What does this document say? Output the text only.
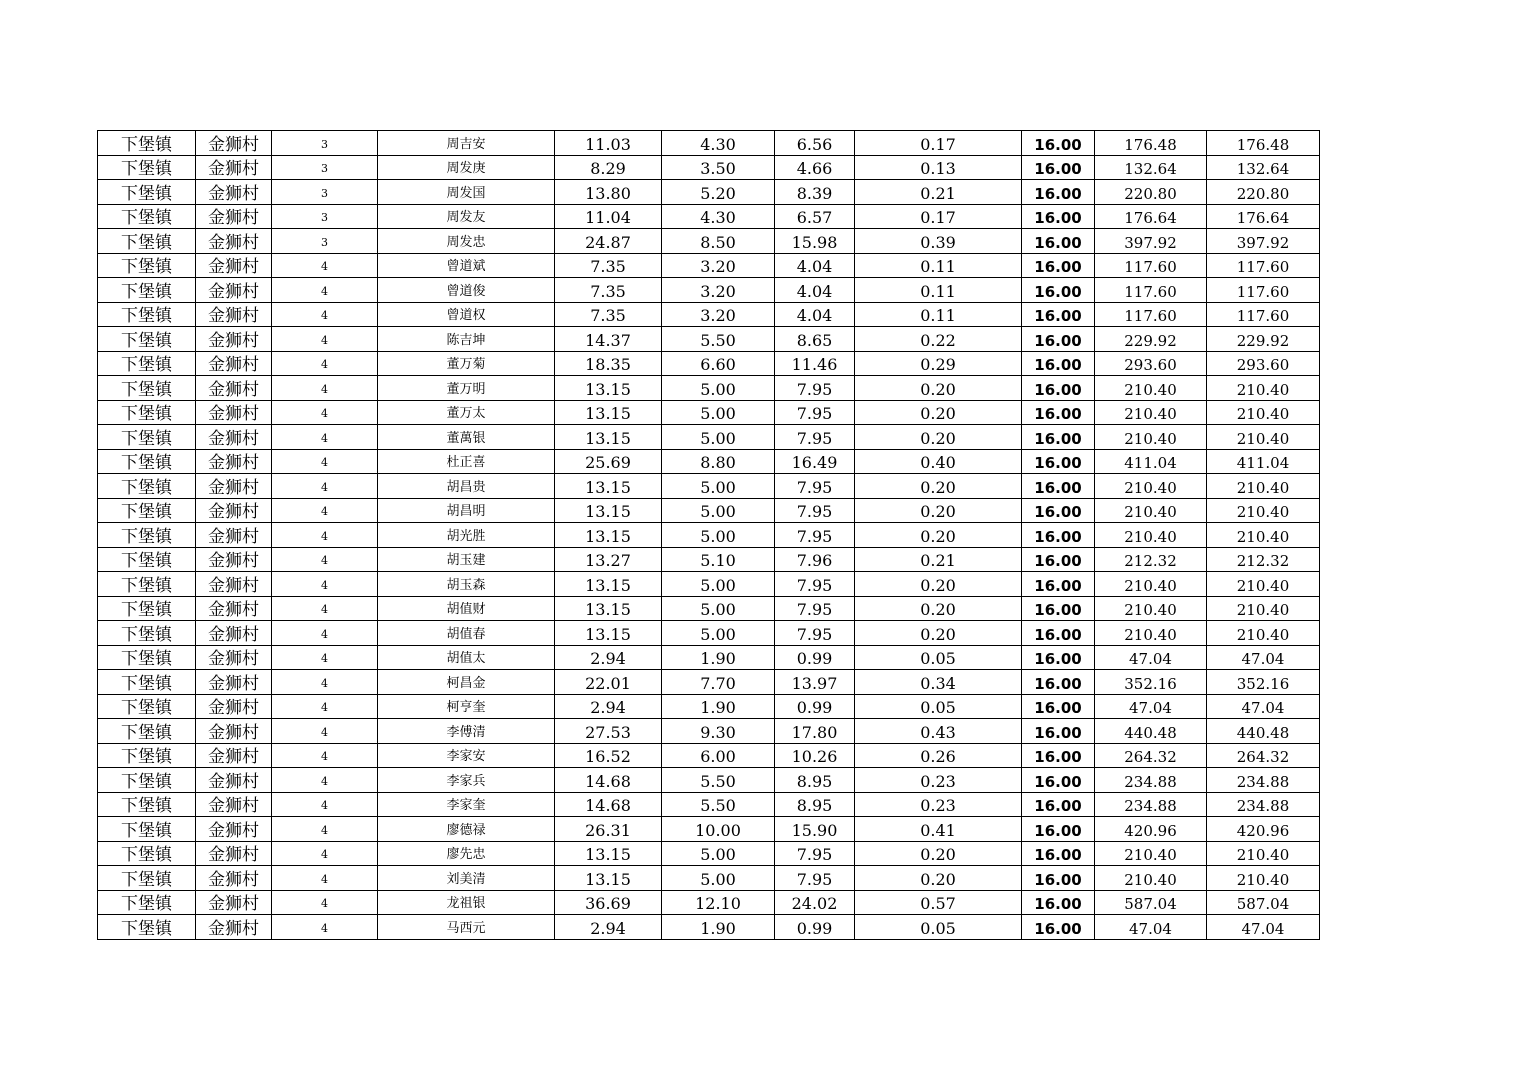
下堡镇	金狮村	3	周吉安	11.03	4.30	6.56	0.17	16.00	176.48	176.48
下堡镇	金狮村	3	周发庚	8.29	3.50	4.66	0.13	16.00	132.64	132.64
下堡镇	金狮村	3	周发国	13.80	5.20	8.39	0.21	16.00	220.80	220.80
下堡镇	金狮村	3	周发友	11.04	4.30	6.57	0.17	16.00	176.64	176.64
下堡镇	金狮村	3	周发忠	24.87	8.50	15.98	0.39	16.00	397.92	397.92
下堡镇	金狮村	4	曾道斌	7.35	3.20	4.04	0.11	16.00	117.60	117.60
下堡镇	金狮村	4	曾道俊	7.35	3.20	4.04	0.11	16.00	117.60	117.60
下堡镇	金狮村	4	曾道权	7.35	3.20	4.04	0.11	16.00	117.60	117.60
下堡镇	金狮村	4	陈吉坤	14.37	5.50	8.65	0.22	16.00	229.92	229.92
下堡镇	金狮村	4	董万菊	18.35	6.60	11.46	0.29	16.00	293.60	293.60
下堡镇	金狮村	4	董万明	13.15	5.00	7.95	0.20	16.00	210.40	210.40
下堡镇	金狮村	4	董万太	13.15	5.00	7.95	0.20	16.00	210.40	210.40
下堡镇	金狮村	4	董萬银	13.15	5.00	7.95	0.20	16.00	210.40	210.40
下堡镇	金狮村	4	杜正喜	25.69	8.80	16.49	0.40	16.00	411.04	411.04
下堡镇	金狮村	4	胡昌贵	13.15	5.00	7.95	0.20	16.00	210.40	210.40
下堡镇	金狮村	4	胡昌明	13.15	5.00	7.95	0.20	16.00	210.40	210.40
下堡镇	金狮村	4	胡光胜	13.15	5.00	7.95	0.20	16.00	210.40	210.40
下堡镇	金狮村	4	胡玉建	13.27	5.10	7.96	0.21	16.00	212.32	212.32
下堡镇	金狮村	4	胡玉森	13.15	5.00	7.95	0.20	16.00	210.40	210.40
下堡镇	金狮村	4	胡值财	13.15	5.00	7.95	0.20	16.00	210.40	210.40
下堡镇	金狮村	4	胡值春	13.15	5.00	7.95	0.20	16.00	210.40	210.40
下堡镇	金狮村	4	胡值太	2.94	1.90	0.99	0.05	16.00	47.04	47.04
下堡镇	金狮村	4	柯昌金	22.01	7.70	13.97	0.34	16.00	352.16	352.16
下堡镇	金狮村	4	柯亨奎	2.94	1.90	0.99	0.05	16.00	47.04	47.04
下堡镇	金狮村	4	李傅清	27.53	9.30	17.80	0.43	16.00	440.48	440.48
下堡镇	金狮村	4	李家安	16.52	6.00	10.26	0.26	16.00	264.32	264.32
下堡镇	金狮村	4	李家兵	14.68	5.50	8.95	0.23	16.00	234.88	234.88
下堡镇	金狮村	4	李家奎	14.68	5.50	8.95	0.23	16.00	234.88	234.88
下堡镇	金狮村	4	廖德禄	26.31	10.00	15.90	0.41	16.00	420.96	420.96
下堡镇	金狮村	4	廖先忠	13.15	5.00	7.95	0.20	16.00	210.40	210.40
下堡镇	金狮村	4	刘美清	13.15	5.00	7.95	0.20	16.00	210.40	210.40
下堡镇	金狮村	4	龙祖银	36.69	12.10	24.02	0.57	16.00	587.04	587.04
下堡镇	金狮村	4	马西元	2.94	1.90	0.99	0.05	16.00	47.04	47.04
